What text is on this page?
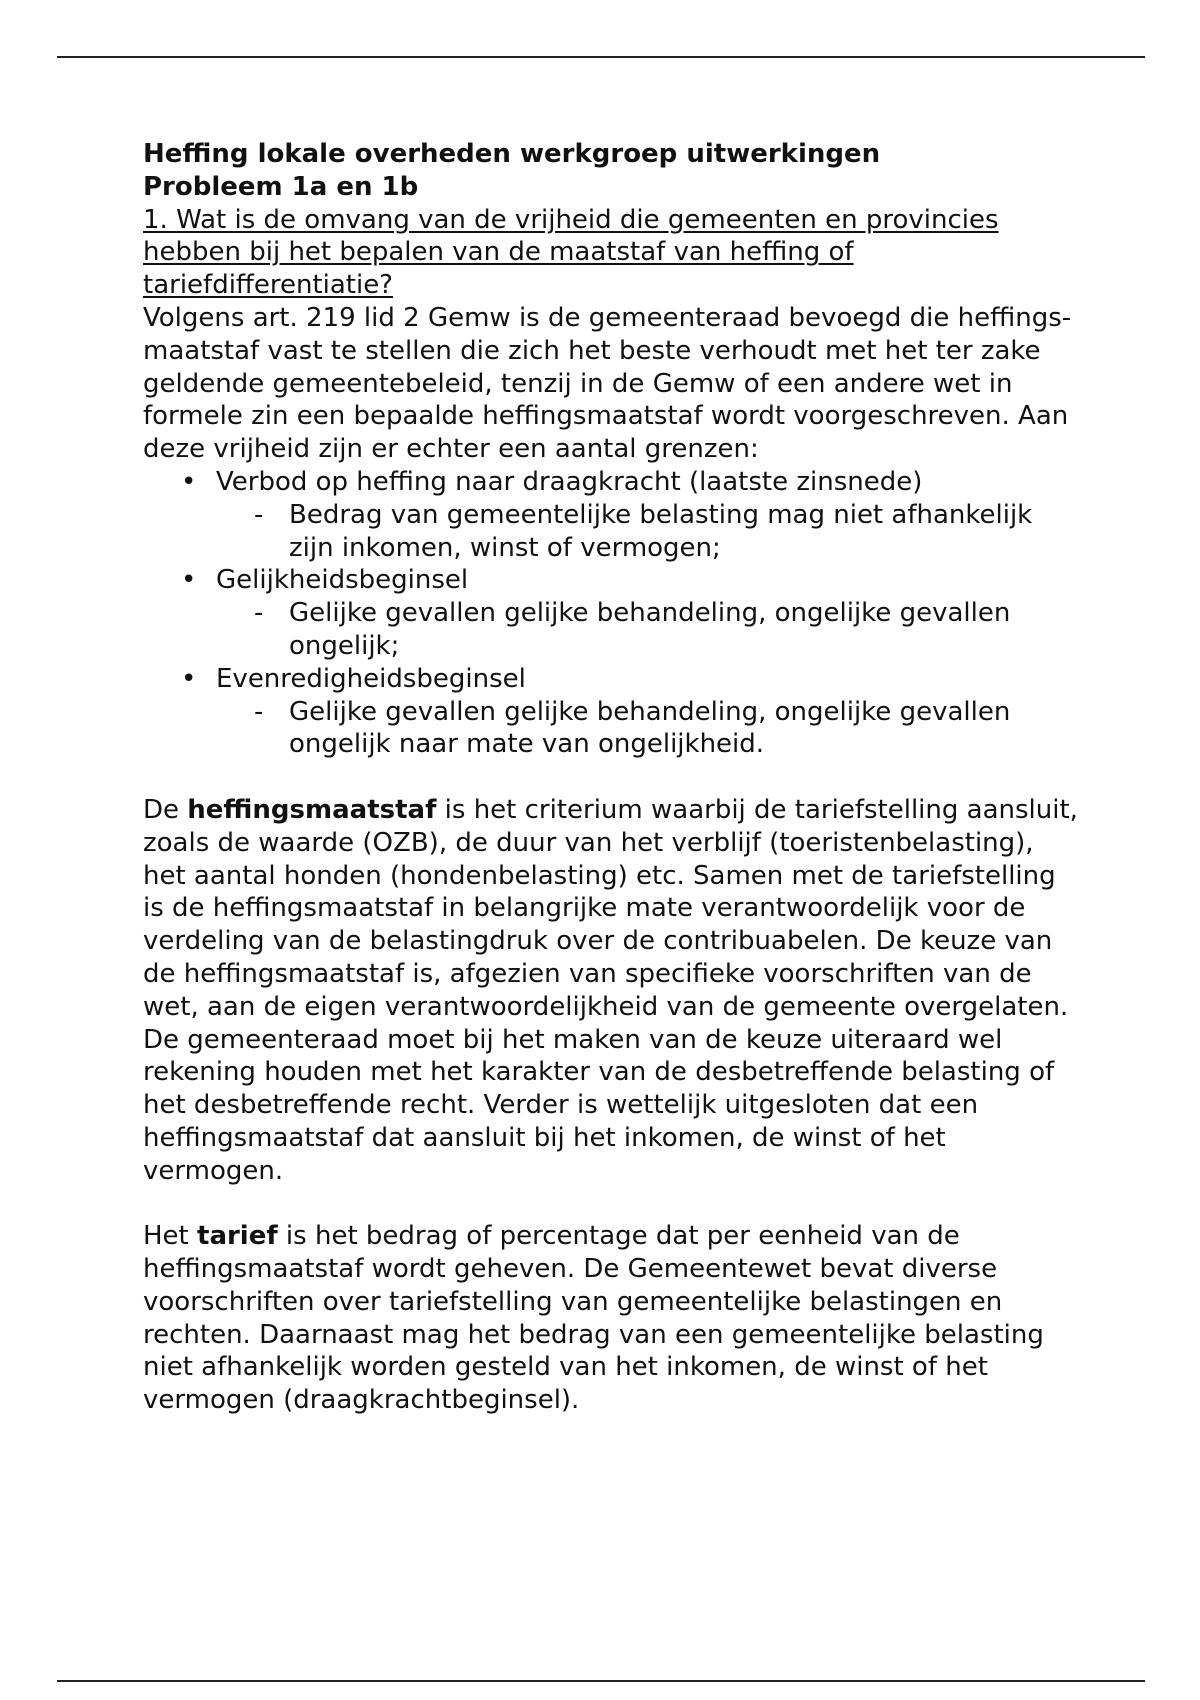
Heffing lokale overheden werkgroep uitwerkingen

Probleem 1a en 1b

1. Wat is de omvang van de vrijheid die gemeenten en provincies hebben bij het bepalen van de maatstaf van heffing of tariefdifferentiatie?

Volgens art. 219 lid 2 Gemw is de gemeenteraad bevoegd die heffings-maatstaf vast te stellen die zich het beste verhoudt met het ter zake geldende gemeentebeleid, tenzij in de Gemw of een andere wet in formele zin een bepaalde heffingsmaatstaf wordt voorgeschreven. Aan deze vrijheid zijn er echter een aantal grenzen:

• Verbod op heffing naar draagkracht (laatste zinsnede)
- Bedrag van gemeentelijke belasting mag niet afhankelijk zijn inkomen, winst of vermogen;
• Gelijkheidsbeginsel
- Gelijke gevallen gelijke behandeling, ongelijke gevallen ongelijk;
• Evenredigheidsbeginsel
- Gelijke gevallen gelijke behandeling, ongelijke gevallen ongelijk naar mate van ongelijkheid.

De heffingsmaatstaf is het criterium waarbij de tariefstelling aansluit, zoals de waarde (OZB), de duur van het verblijf (toeristenbelasting), het aantal honden (hondenbelasting) etc. Samen met de tariefstelling is de heffingsmaatstaf in belangrijke mate verantwoordelijk voor de verdeling van de belastingdruk over de contribuabelen. De keuze van de heffingsmaatstaf is, afgezien van specifieke voorschriften van de wet, aan de eigen verantwoordelijkheid van de gemeente overgelaten. De gemeenteraad moet bij het maken van de keuze uiteraard wel rekening houden met het karakter van de desbetreffende belasting of het desbetreffende recht. Verder is wettelijk uitgesloten dat een heffingsmaatstaf dat aansluit bij het inkomen, de winst of het vermogen.

Het tarief is het bedrag of percentage dat per eenheid van de heffingsmaatstaf wordt geheven. De Gemeentewet bevat diverse voorschriften over tariefstelling van gemeentelijke belastingen en rechten. Daarnaast mag het bedrag van een gemeentelijke belasting niet afhankelijk worden gesteld van het inkomen, de winst of het vermogen (draagkrachtbeginsel).
